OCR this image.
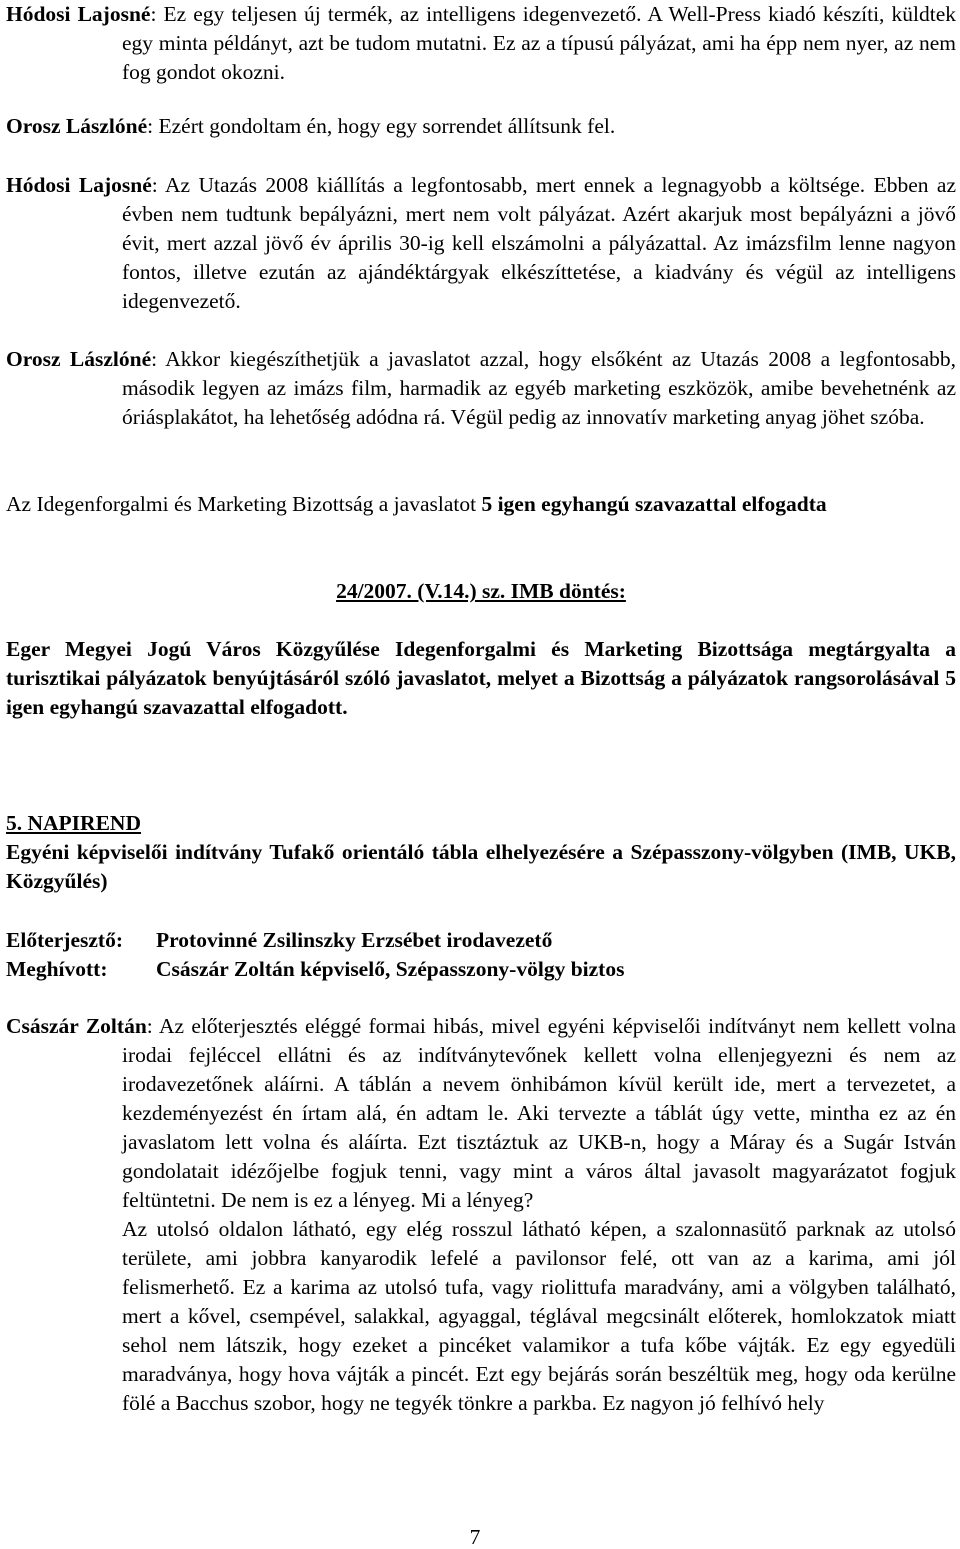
Hódosi Lajosné: Ez egy teljesen új termék, az intelligens idegenvezető. A Well-Press kiadó készíti, küldtek egy minta példányt, azt be tudom mutatni. Ez az a típusú pályázat, ami ha épp nem nyer, az nem fog gondot okozni.

Orosz Lászlóné: Ezért gondoltam én, hogy egy sorrendet állítsunk fel.

Hódosi Lajosné: Az Utazás 2008 kiállítás a legfontosabb, mert ennek a legnagyobb a költsége. Ebben az évben nem tudtunk bepályázni, mert nem volt pályázat. Azért akarjuk most bepályázni a jövő évit, mert azzal jövő év április 30-ig kell elszámolni a pályázattal. Az imázsfilm lenne nagyon fontos, illetve ezután az ajándéktárgyak elkészíttetése, a kiadvány és végül az intelligens idegenvezető.

Orosz Lászlóné: Akkor kiegészíthetjük a javaslatot azzal, hogy elsőként az Utazás 2008 a legfontosabb, második legyen az imázs film, harmadik az egyéb marketing eszközök, amibe bevehetnénk az óriásplakátot, ha lehetőség adódna rá. Végül pedig az innovatív marketing anyag jöhet szóba.

Az Idegenforgalmi és Marketing Bizottság a javaslatot 5 igen egyhangú szavazattal elfogadta

24/2007. (V.14.) sz. IMB döntés:

Eger Megyei Jogú Város Közgyűlése Idegenforgalmi és Marketing Bizottsága megtárgyalta a turisztikai pályázatok benyújtásáról szóló javaslatot, melyet a Bizottság a pályázatok rangsorolásával 5 igen egyhangú szavazattal elfogadott.

5. NAPIREND

Egyéni képviselői indítvány Tufakő orientáló tábla elhelyezésére a Szépasszony-völgyben (IMB, UKB, Közgyűlés)

Előterjesztő:	Protovinné Zsilinszky Erzsébet irodavezető
Meghívott:	Császár Zoltán képviselő, Szépasszony-völgy biztos

Császár Zoltán: Az előterjesztés eléggé formai hibás, mivel egyéni képviselői indítványt nem kellett volna irodai fejléccel ellátni és az indítványtevőnek kellett volna ellenjegyezni és nem az irodavezetőnek aláírni. A táblán a nevem önhibámon kívül került ide, mert a tervezetet, a kezdeményezést én írtam alá, én adtam le. Aki tervezte a táblát úgy vette, mintha ez az én javaslatom lett volna és aláírta. Ezt tisztáztuk az UKB-n, hogy a Máray és a Sugár István gondolatait idézőjelbe fogjuk tenni, vagy mint a város által javasolt magyarázatot fogjuk feltüntetni. De nem is ez a lényeg. Mi a lényeg?

Az utolsó oldalon látható, egy elég rosszul látható képen, a szalonnasütő parknak az utolsó területe, ami jobbra kanyarodik lefelé a pavilonsor felé, ott van az a karima, ami jól felismerhető. Ez a karima az utolsó tufa, vagy riolittufa maradvány, ami a völgyben található, mert a kővel, csempével, salakkal, agyaggal, téglával megcsinált előterek, homlokzatok miatt sehol nem látszik, hogy ezeket a pincéket valamikor a tufa kőbe vájták. Ez egy egyedüli maradványa, hogy hova vájták a pincét. Ezt egy bejárás során beszéltük meg, hogy oda kerülne fölé a Bacchus szobor, hogy ne tegyék tönkre a parkba. Ez nagyon jó felhívó hely

7
